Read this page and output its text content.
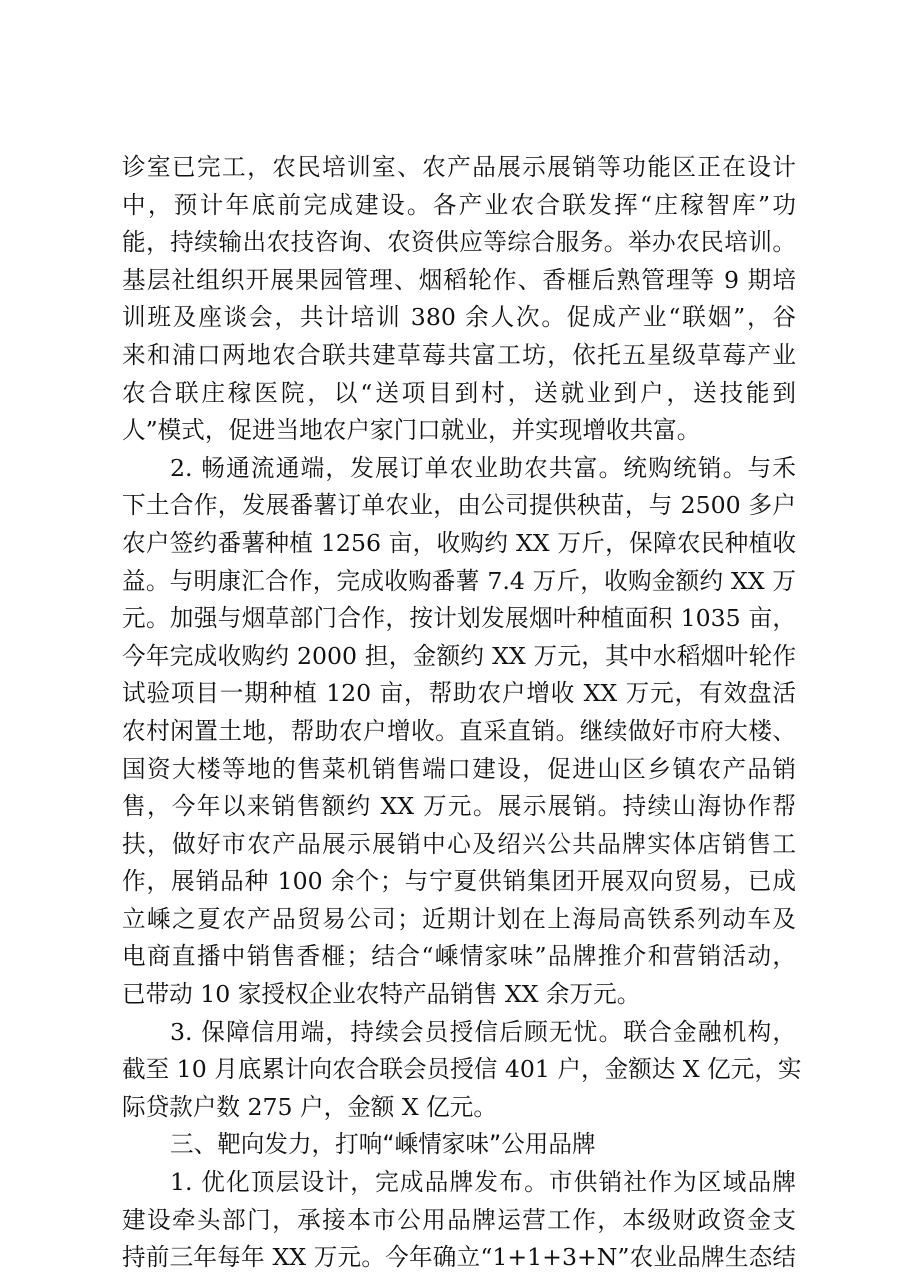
诊室已完工，农民培训室、农产品展示展销等功能区正在设计
中，预计年底前完成建设。各产业农合联发挥“庄稼智库”功
能，持续输出农技咨询、农资供应等综合服务。举办农民培训。
基层社组织开展果园管理、烟稻轮作、香榧后熟管理等 9 期培
训班及座谈会，共计培训 380 余人次。促成产业“联姻”，谷
来和浦口两地农合联共建草莓共富工坊，依托五星级草莓产业
农合联庄稼医院，以“送项目到村，送就业到户，送技能到
人”模式，促进当地农户家门口就业，并实现增收共富。
2. 畅通流通端，发展订单农业助农共富。统购统销。与禾
下土合作，发展番薯订单农业，由公司提供秧苗，与 2500 多户
农户签约番薯种植 1256 亩，收购约 XX 万斤，保障农民种植收
益。与明康汇合作，完成收购番薯 7.4 万斤，收购金额约 XX 万
元。加强与烟草部门合作，按计划发展烟叶种植面积 1035 亩，
今年完成收购约 2000 担，金额约 XX 万元，其中水稻烟叶轮作
试验项目一期种植 120 亩，帮助农户增收 XX 万元，有效盘活
农村闲置土地，帮助农户增收。直采直销。继续做好市府大楼、
国资大楼等地的售菜机销售端口建设，促进山区乡镇农产品销
售，今年以来销售额约 XX 万元。展示展销。持续山海协作帮
扶，做好市农产品展示展销中心及绍兴公共品牌实体店销售工
作，展销品种 100 余个；与宁夏供销集团开展双向贸易，已成
立嵊之夏农产品贸易公司；近期计划在上海局高铁系列动车及
电商直播中销售香榧；结合“嵊情家味”品牌推介和营销活动，
已带动 10 家授权企业农特产品销售 XX 余万元。
3. 保障信用端，持续会员授信后顾无忧。联合金融机构，
截至 10 月底累计向农合联会员授信 401 户，金额达 X 亿元，实
际贷款户数 275 户，金额 X 亿元。
三、靶向发力，打响“嵊情家味”公用品牌
1. 优化顶层设计，完成品牌发布。市供销社作为区域品牌
建设牵头部门，承接本市公用品牌运营工作，本级财政资金支
持前三年每年 XX 万元。今年确立“1+1+3+N”农业品牌生态结
